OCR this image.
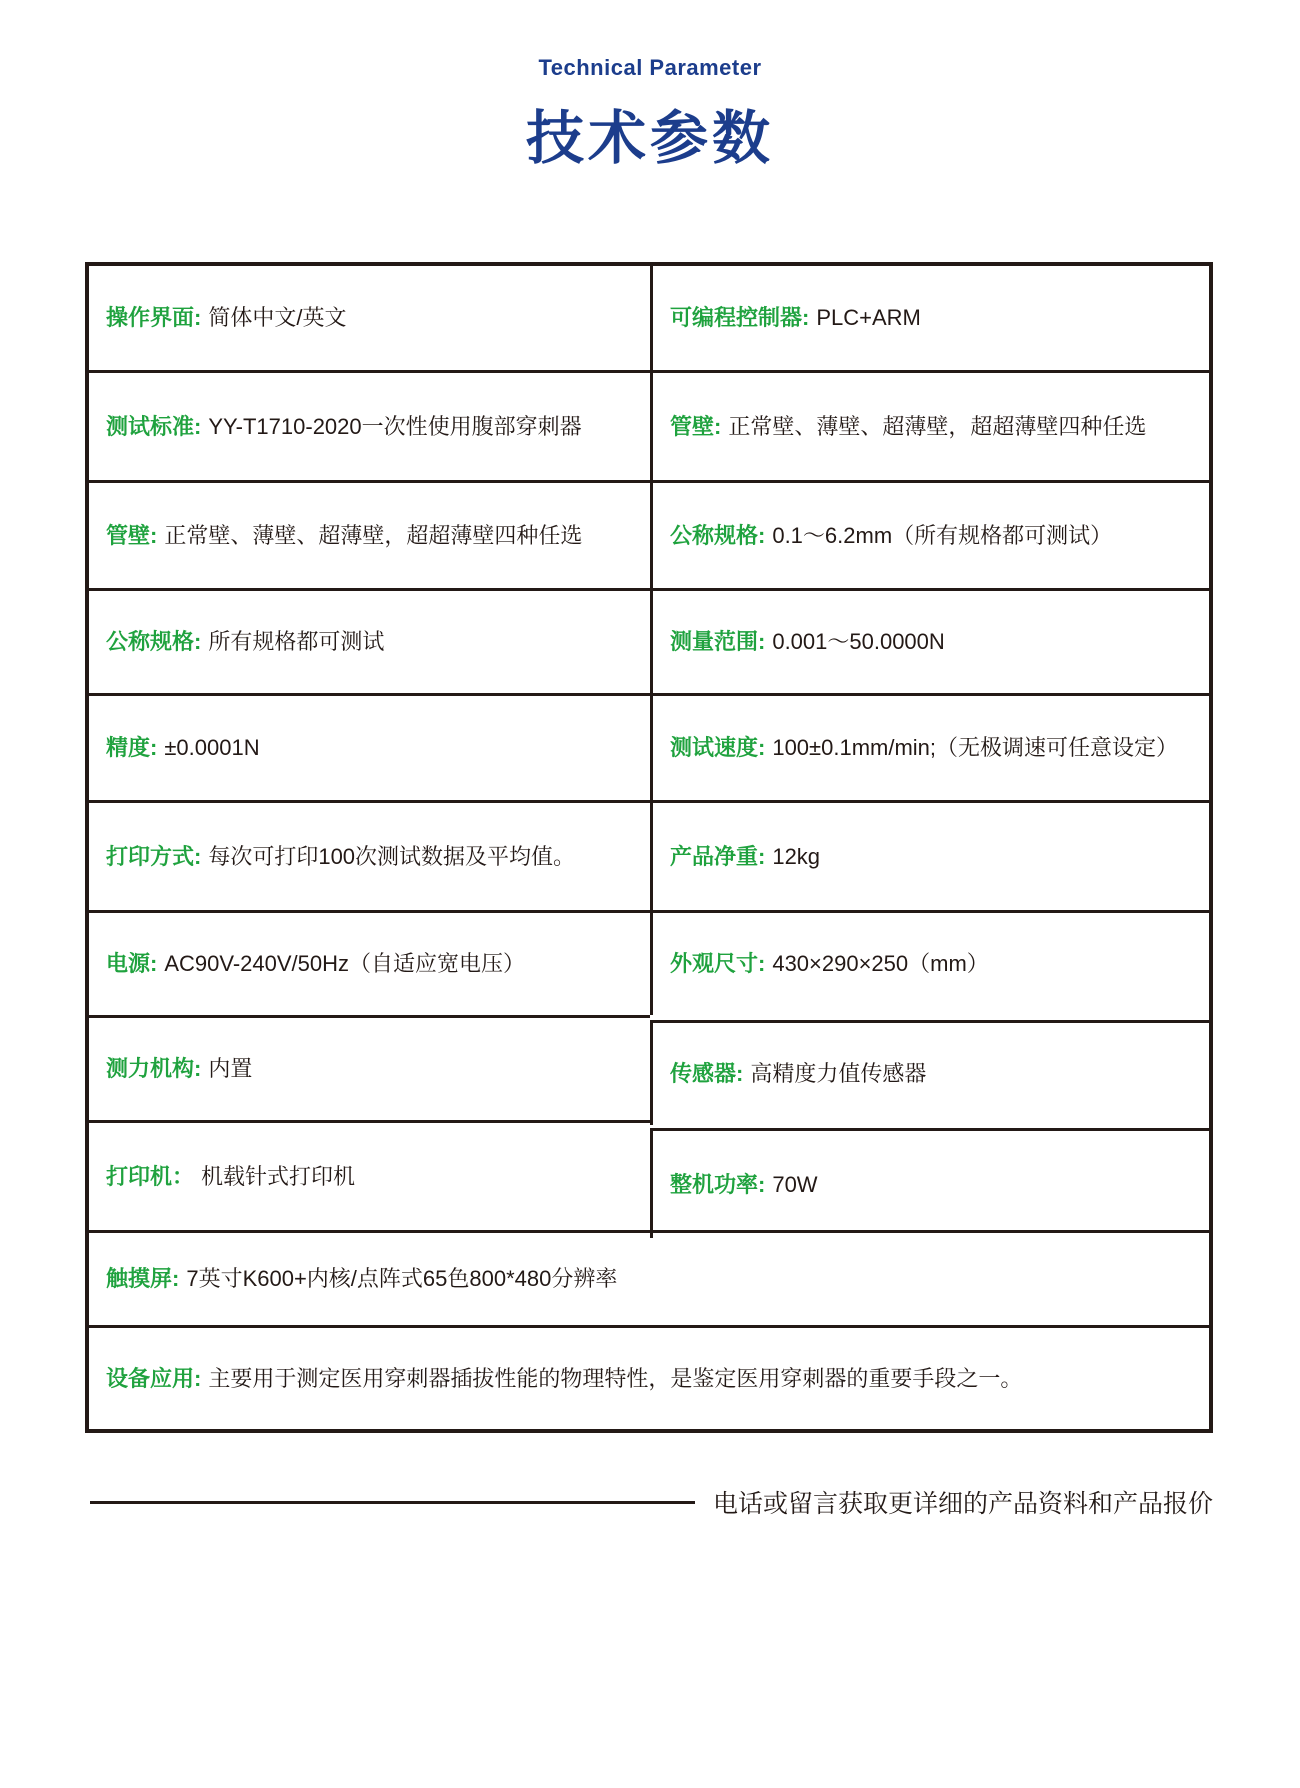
Technical Parameter
技术参数
操作界面: 简体中文/英文	可编程控制器: PLC+ARM
测试标准: YY-T1710-2020一次性使用腹部穿刺器	管壁: 正常壁、薄壁、超薄壁，超超薄壁四种任选
管壁: 正常壁、薄壁、超薄壁，超超薄壁四种任选	公称规格: 0.1～6.2mm（所有规格都可测试）
公称规格: 所有规格都可测试	测量范围: 0.001～50.0000N
精度: ±0.0001N	测试速度: 100±0.1mm/min;（无极调速可任意设定）
打印方式: 每次可打印100次测试数据及平均值。	产品净重: 12kg
电源: AC90V-240V/50Hz（自适应宽电压）	外观尺寸: 430×290×250（mm）
测力机构: 内置	传感器: 高精度力值传感器
打印机： 机载针式打印机	整机功率: 70W
触摸屏: 7英寸K600+内核/点阵式65色800*480分辨率
设备应用: 主要用于测定医用穿刺器插拔性能的物理特性，是鉴定医用穿刺器的重要手段之一。
电话或留言获取更详细的产品资料和产品报价
